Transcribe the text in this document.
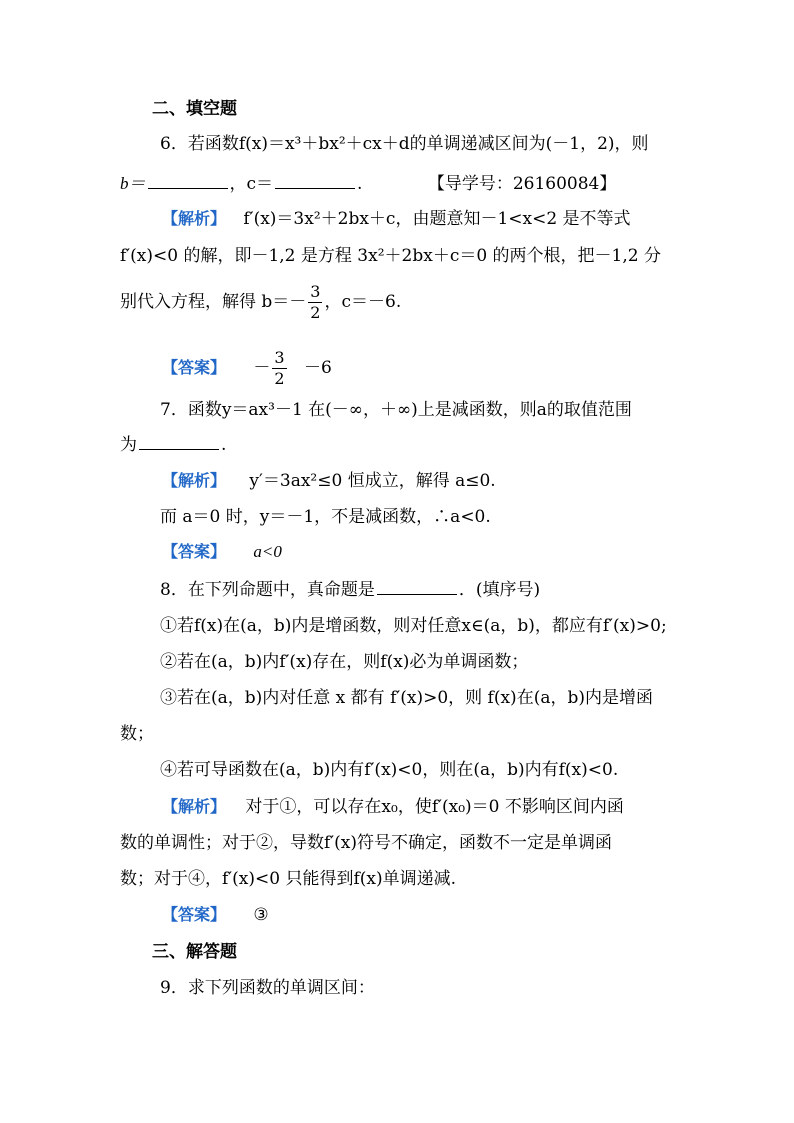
二、填空题
6．若函数f(x)＝x³＋bx²＋cx＋d的单调递减区间为(－1，2)，则
b＝	，c＝	.	【导学号：26160084】
【解析】 f′(x)＝3x²＋2bx＋c，由题意知－1<x<2 是不等式
f′(x)<0 的解，即－1,2 是方程 3x²＋2bx＋c＝0 的两个根，把－1,2 分
别代入方程，解得 $b=- \frac{3}{2}$ ，c＝－6.
【答案】 － $\frac{3}{2} -6$
7．函数y＝ax³－1 在(－∞，＋∞)上是减函数，则a的取值范围
为	.
【解析】 y′＝3ax²≤0 恒成立，解得 a≤0.
而 a＝0 时，y＝－1，不是减函数，∴a<0.
【答案】 a<0
8．在下列命题中，真命题是	．(填序号)
①若f(x)在(a，b)内是增函数，则对任意x∈(a，b)，都应有f′(x)>0;
②若在(a，b)内f′(x)存在，则f(x)必为单调函数；
③若在(a，b)内对任意 x 都有 f′(x)>0，则 f(x)在(a，b)内是增函
数；
④若可导函数在(a，b)内有f′(x)<0，则在(a，b)内有f(x)<0.
【解析】 对于①，可以存在x₀，使f′(x₀)＝0 不影响区间内函
数的单调性；对于②，导数f′(x)符号不确定，函数不一定是单调函
数；对于④，f′(x)<0 只能得到f(x)单调递减.
【答案】 ③
三、解答题
9．求下列函数的单调区间：
